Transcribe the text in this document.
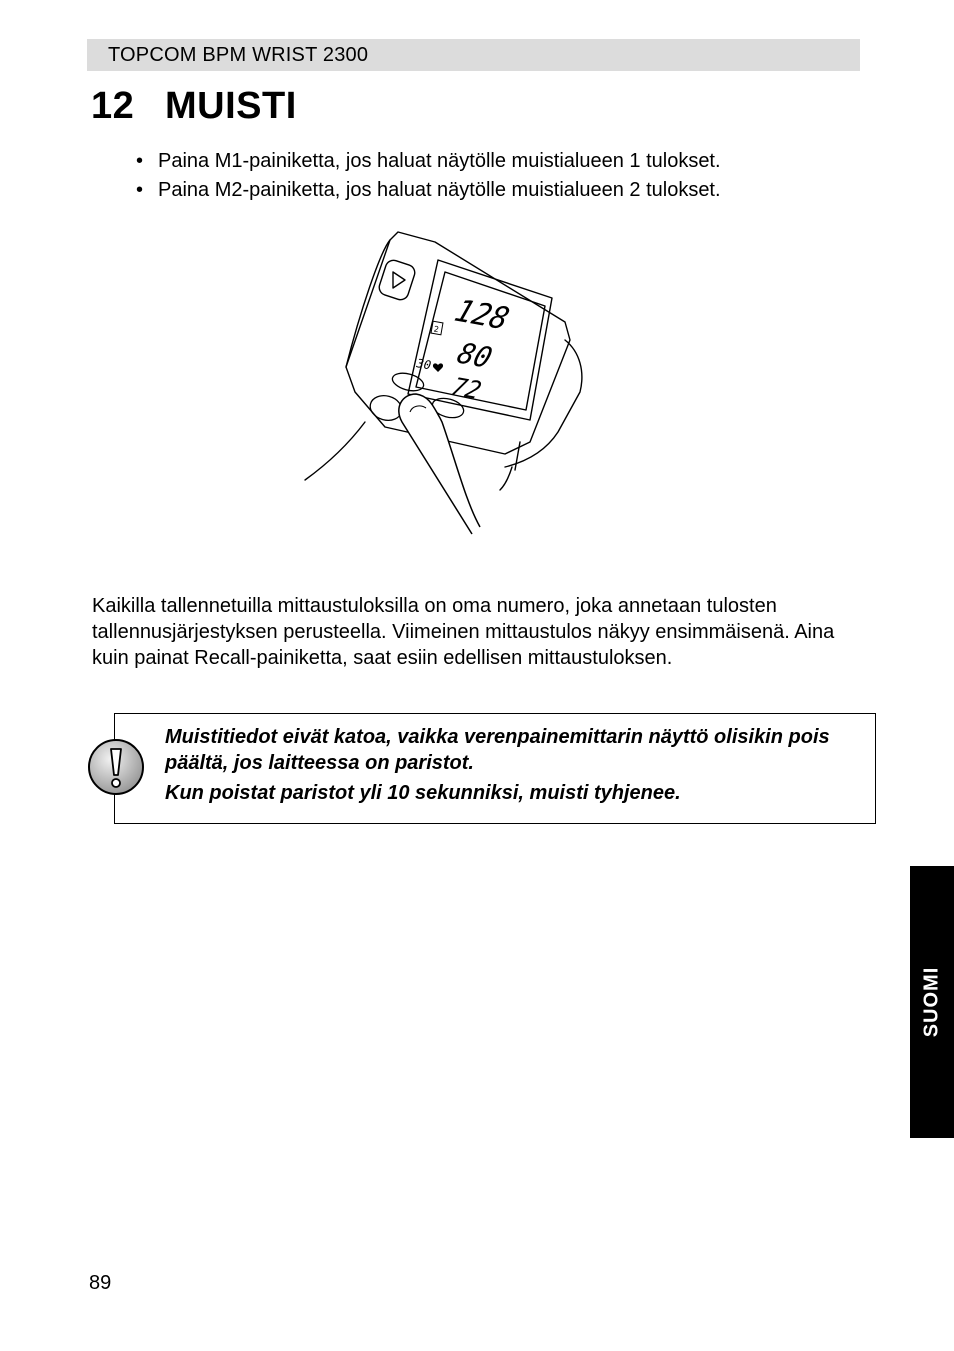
TOPCOM BPM WRIST 2300
12 MUISTI
• Paina M1-painiketta, jos haluat näytölle muistialueen 1 tulokset.
• Paina M2-painiketta, jos haluat näytölle muistialueen 2 tulokset.
128
80
72
30
2

Kaikilla tallennetuilla mittaustuloksilla on oma numero, joka annetaan tulosten tallennusjärjestyksen perusteella. Viimeinen mittaustulos näkyy ensimmäisenä. Aina kuin painat Recall-painiketta, saat esiin edellisen mittaustuloksen.

Muistitiedot eivät katoa, vaikka verenpainemittarin näyttö olisikin pois päältä, jos laitteessa on paristot.

Kun poistat paristot yli 10 sekunniksi, muisti tyhjenee.

SUOMI
89
